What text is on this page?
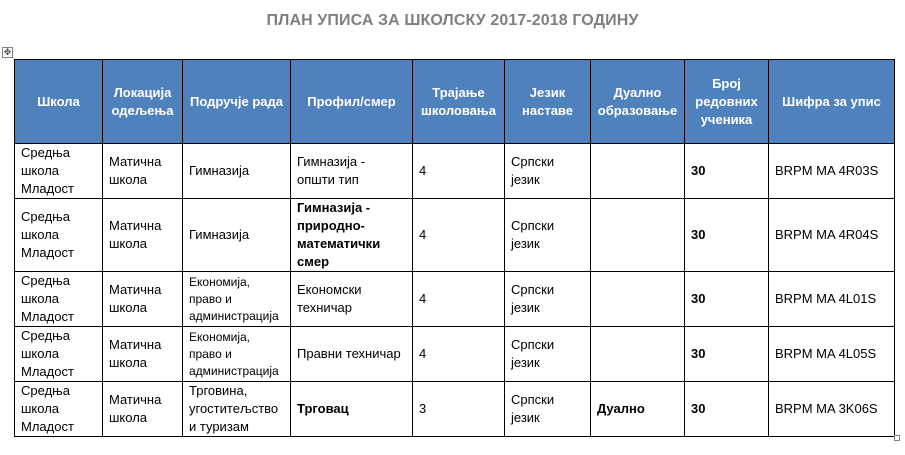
ПЛАН УПИСА ЗА ШКОЛСКУ 2017-2018 ГОДИНУ
✥
Школа	Локација одељења	Подручје рада	Профил/смер	Трајање школовања	Језик наставе	Дуално образовање	Број редовних ученика	Шифра за упис
Средња школа Младост	Матична школа	Гимназија	Гимназија - општи тип	4	Српски језик		30	BRPM MA 4R03S
Средња школа Младост	Матична школа	Гимназија	Гимназија - природно-математички смер	4	Српски језик		30	BRPM MA 4R04S
Средња школа Младост	Матична школа	Економија, право и администрација	Економски техничар	4	Српски језик		30	BRPM MA 4L01S
Средња школа Младост	Матична школа	Економија, право и администрација	Правни техничар	4	Српски језик		30	BRPM MA 4L05S
Средња школа Младост	Матична школа	Трговина, угоститељство и туризам	Трговац	3	Српски језик	Дуално	30	BRPM MA 3K06S
